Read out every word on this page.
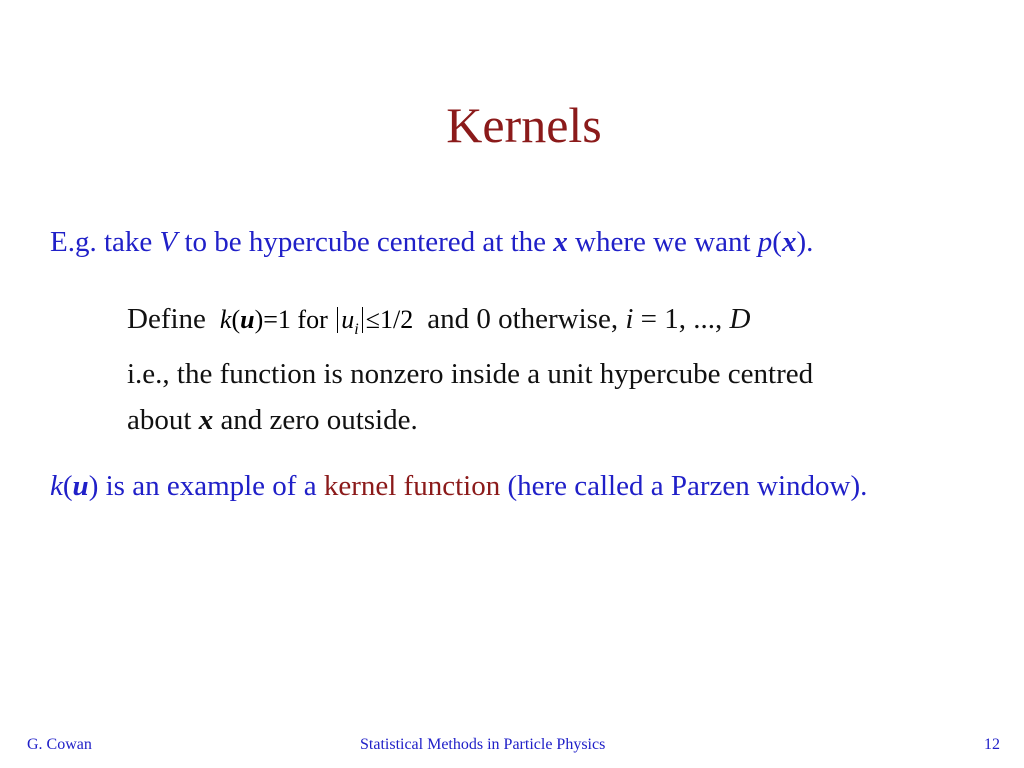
Kernels
E.g. take V to be hypercube centered at the x where we want p(x).
Define k(u)=1 for $u_i \le 1/2$ and 0 otherwise, i = 1, ..., D
i.e., the function is nonzero inside a unit hypercube centred
about x and zero outside.
k(u) is an example of a kernel function (here called a Parzen window).
G. Cowan	Statistical Methods in Particle Physics	12
